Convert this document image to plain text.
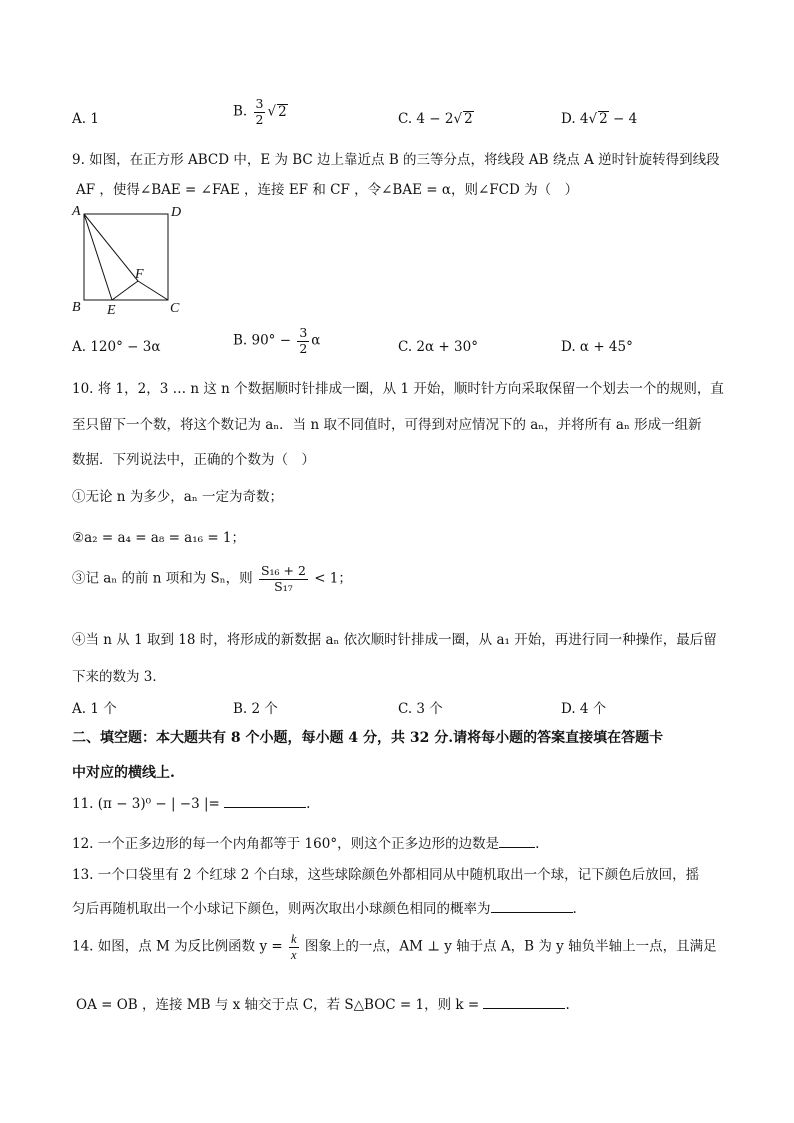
A. 1	B. $\frac{3}{2}$ √ 2	C. 4 − 2√ 2	D. 4√ 2 − 4
9. 如图，在正方形 ABCD 中，E 为 BC 边上靠近点 B 的三等分点，将线段 AB 绕点 A 逆时针旋转得到线段
AF ，使得∠BAE = ∠FAE ，连接 EF 和 CF ，令∠BAE = α，则∠FCD 为（　）
A	D
B	C
E
F
A. 120° − 3α	B. $90^\circ - \frac{3}{2}$ α	C. 2α + 30°	D. α + 45°
10. 将 1，2，3 … n 这 n 个数据顺时针排成一圈，从 1 开始，顺时针方向采取保留一个划去一个的规则，直
至只留下一个数，将这个数记为 aₙ．当 n 取不同值时，可得到对应情况下的 aₙ，并将所有 aₙ 形成一组新
数据．下列说法中，正确的个数为（　）
①无论 n 为多少，aₙ 一定为奇数；
②a₂ = a₄ = a₈ = a₁₆ = 1；
③记 aₙ 的前 n 项和为 Sₙ，则 $\frac{\text{S₁₆ + 2}}{\text{S₁₇}} < 1$；
④当 n 从 1 取到 18 时，将形成的新数据 aₙ 依次顺时针排成一圈，从 a₁ 开始，再进行同一种操作，最后留
下来的数为 3．
A. 1 个	B. 2 个	C. 3 个	D. 4 个
二、填空题：本大题共有 8 个小题，每小题 4 分，共 32 分.请将每小题的答案直接填在答题卡
中对应的横线上.
11. (π − 3)⁰ − | −3 |=	.
12. 一个正多边形的每一个内角都等于 160°，则这个正多边形的边数是	.
13. 一个口袋里有 2 个红球 2 个白球，这些球除颜色外都相同从中随机取出一个球，记下颜色后放回，摇
匀后再随机取出一个小球记下颜色，则两次取出小球颜色相同的概率为	.
14. 如图，点 M 为反比例函数 $y = \frac{k}{x}$ 图象上的一点，AM ⊥ y 轴于点 A，B 为 y 轴负半轴上一点，且满足
OA = OB ，连接 MB 与 x 轴交于点 C，若 S△BOC = 1，则 k =	.
